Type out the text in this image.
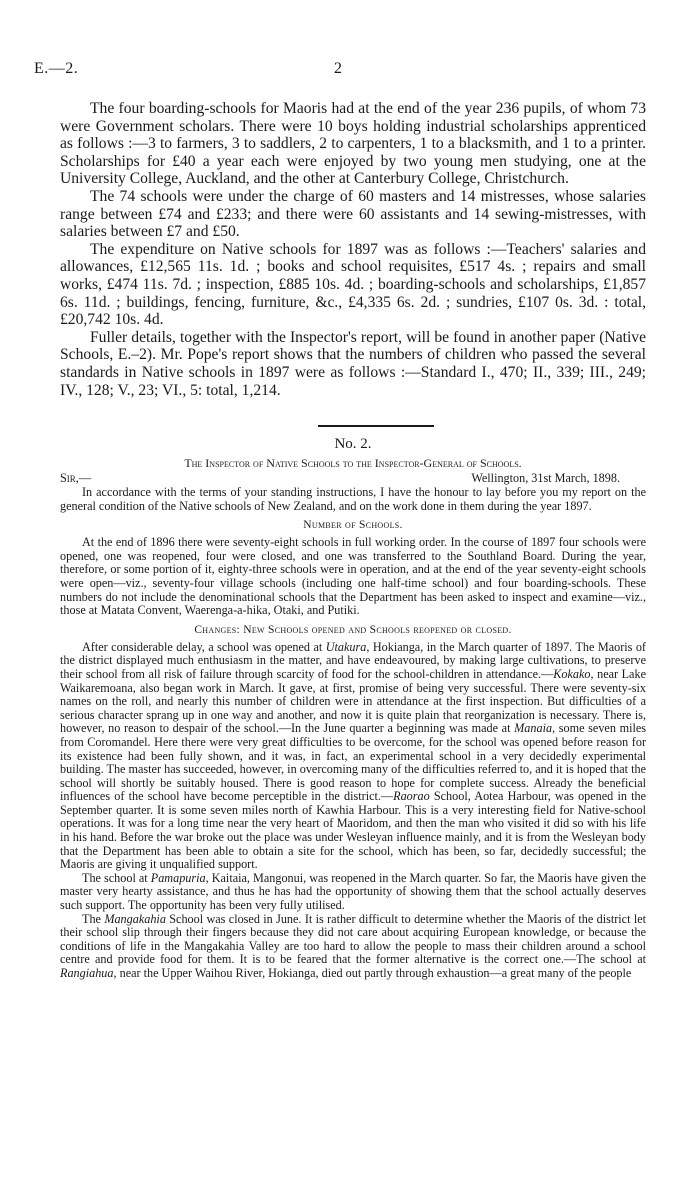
E.—2.	2

The four boarding-schools for Maoris had at the end of the year 236 pupils, of whom 73 were Government scholars. There were 10 boys holding industrial scholarships apprenticed as follows :—3 to farmers, 3 to saddlers, 2 to carpenters, 1 to a blacksmith, and 1 to a printer. Scholarships for £40 a year each were enjoyed by two young men studying, one at the University College, Auckland, and the other at Canterbury College, Christchurch.

The 74 schools were under the charge of 60 masters and 14 mistresses, whose salaries range between £74 and £233; and there were 60 assistants and 14 sewing-mistresses, with salaries between £7 and £50.

The expenditure on Native schools for 1897 was as follows :—Teachers' salaries and allowances, £12,565 11s. 1d. ; books and school requisites, £517 4s. ; repairs and small works, £474 11s. 7d. ; inspection, £885 10s. 4d. ; boarding-schools and scholarships, £1,857 6s. 11d. ; buildings, fencing, furniture, &c., £4,335 6s. 2d. ; sundries, £107 0s. 3d. : total, £20,742 10s. 4d.

Fuller details, together with the Inspector's report, will be found in another paper (Native Schools, E.–2). Mr. Pope's report shows that the numbers of children who passed the several standards in Native schools in 1897 were as follows :—Standard I., 470; II., 339; III., 249; IV., 128; V., 23; VI., 5: total, 1,214.

No. 2.
The Inspector of Native Schools to the Inspector-General of Schools.
Sir,—	Wellington, 31st March, 1898.

In accordance with the terms of your standing instructions, I have the honour to lay before you my report on the general condition of the Native schools of New Zealand, and on the work done in them during the year 1897.

Number of Schools.

At the end of 1896 there were seventy-eight schools in full working order. In the course of 1897 four schools were opened, one was reopened, four were closed, and one was transferred to the Southland Board. During the year, therefore, or some portion of it, eighty-three schools were in operation, and at the end of the year seventy-eight schools were open—viz., seventy-four village schools (including one half-time school) and four boarding-schools. These numbers do not include the denominational schools that the Department has been asked to inspect and examine—viz., those at Matata Convent, Waerenga-a-hika, Otaki, and Putiki.

Changes: New Schools opened and Schools reopened or closed.

After considerable delay, a school was opened at Utakura, Hokianga, in the March quarter of 1897. The Maoris of the district displayed much enthusiasm in the matter, and have endeavoured, by making large cultivations, to preserve their school from all risk of failure through scarcity of food for the school-children in attendance.—Kokako, near Lake Waikaremoana, also began work in March. It gave, at first, promise of being very successful. There were seventy-six names on the roll, and nearly this number of children were in attendance at the first inspection. But difficulties of a serious character sprang up in one way and another, and now it is quite plain that reorganization is necessary. There is, however, no reason to despair of the school.—In the June quarter a beginning was made at Manaia, some seven miles from Coromandel. Here there were very great difficulties to be overcome, for the school was opened before reason for its existence had been fully shown, and it was, in fact, an experimental school in a very decidedly experimental building. The master has succeeded, however, in overcoming many of the difficulties referred to, and it is hoped that the school will shortly be suitably housed. There is good reason to hope for complete success. Already the beneficial influences of the school have become perceptible in the district.—Raorao School, Aotea Harbour, was opened in the September quarter. It is some seven miles north of Kawhia Harbour. This is a very interesting field for Native-school operations. It was for a long time near the very heart of Maoridom, and then the man who visited it did so with his life in his hand. Before the war broke out the place was under Wesleyan influence mainly, and it is from the Wesleyan body that the Department has been able to obtain a site for the school, which has been, so far, decidedly successful; the Maoris are giving it unqualified support.

The school at Pamapuria, Kaitaia, Mangonui, was reopened in the March quarter. So far, the Maoris have given the master very hearty assistance, and thus he has had the opportunity of showing them that the school actually deserves such support. The opportunity has been very fully utilised.

The Mangakahia School was closed in June. It is rather difficult to determine whether the Maoris of the district let their school slip through their fingers because they did not care about acquiring European knowledge, or because the conditions of life in the Mangakahia Valley are too hard to allow the people to mass their children around a school centre and provide food for them. It is to be feared that the former alternative is the correct one.—The school at Rangiahua, near the Upper Waihou River, Hokianga, died out partly through exhaustion—a great many of the people
